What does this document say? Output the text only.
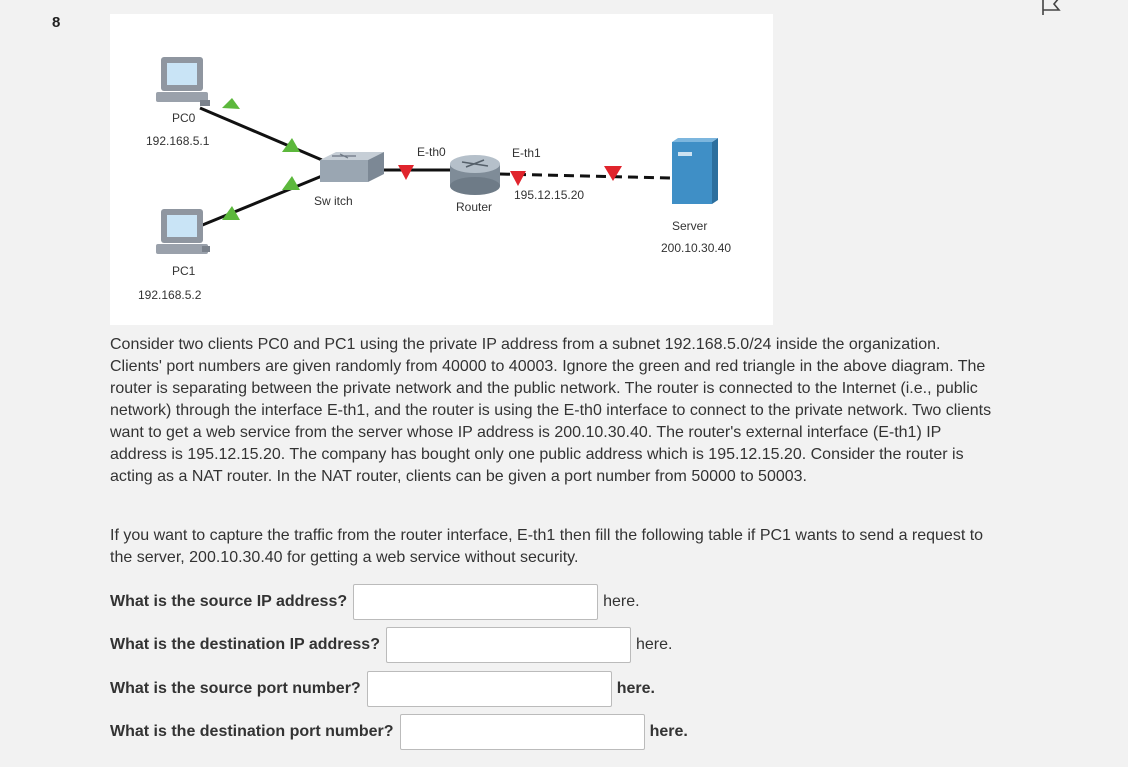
8
PC0
192.168.5.1
PC1
192.168.5.2
Sw itch
E-th0	E-th1
195.12.15.20
Router
Server
200.10.30.40
Consider two clients PC0 and PC1 using the private IP address from a subnet 192.168.5.0/24 inside the organization. Clients' port numbers are given randomly from 40000 to 40003. Ignore the green and red triangle in the above diagram. The router is separating between the private network and the public network. The router is connected to the Internet (i.e., public network) through the interface E-th1, and the router is using the E-th0 interface to connect to the private network. Two clients want to get a web service from the server whose IP address is 200.10.30.40. The router's external interface (E-th1) IP address is 195.12.15.20. The company has bought only one public address which is 195.12.15.20. Consider the router is acting as a NAT router. In the NAT router, clients can be given a port number from 50000 to 50003.
If you want to capture the traffic from the router interface, E-th1 then fill the following table if PC1 wants to send a request to the server, 200.10.30.40 for getting a web service without security.
What is the source IP address?	here.
What is the destination IP address?	here.
What is the source port number?	here.
What is the destination port number?	here.
